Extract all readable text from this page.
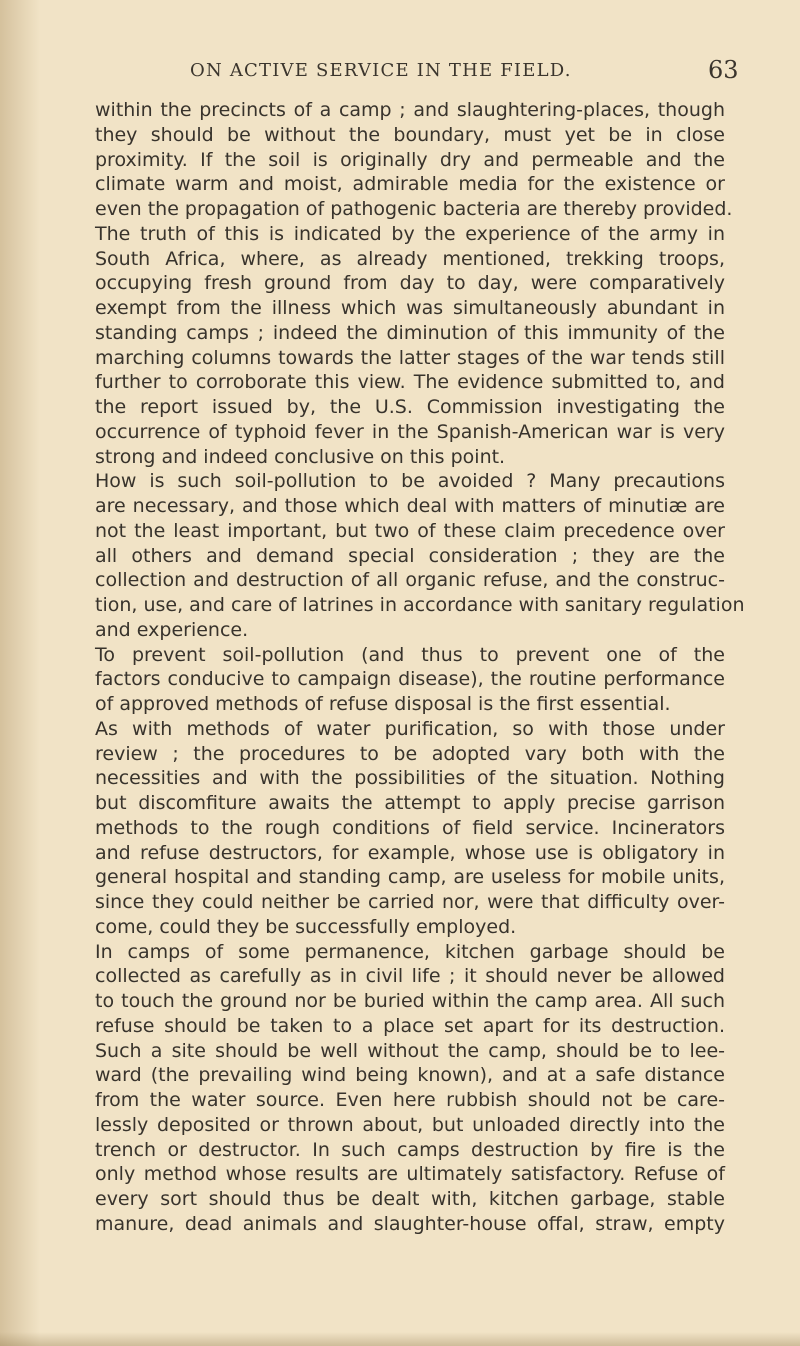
ON ACTIVE SERVICE IN THE FIELD.	63
within the precincts of a camp ; and slaughtering-places, though
they should be without the boundary, must yet be in close
proximity. If the soil is originally dry and permeable and the
climate warm and moist, admirable media for the existence or
even the propagation of pathogenic bacteria are thereby provided.
The truth of this is indicated by the experience of the army in
South Africa, where, as already mentioned, trekking troops,
occupying fresh ground from day to day, were comparatively
exempt from the illness which was simultaneously abundant in
standing camps ; indeed the diminution of this immunity of the
marching columns towards the latter stages of the war tends still
further to corroborate this view. The evidence submitted to, and
the report issued by, the U.S. Commission investigating the
occurrence of typhoid fever in the Spanish-American war is very
strong and indeed conclusive on this point.
How is such soil-pollution to be avoided ? Many precautions
are necessary, and those which deal with matters of minutiæ are
not the least important, but two of these claim precedence over
all others and demand special consideration ; they are the
collection and destruction of all organic refuse, and the construc-
tion, use, and care of latrines in accordance with sanitary regulation
and experience.
To prevent soil-pollution (and thus to prevent one of the
factors conducive to campaign disease), the routine performance
of approved methods of refuse disposal is the first essential.
As with methods of water purification, so with those under
review ; the procedures to be adopted vary both with the
necessities and with the possibilities of the situation. Nothing
but discomfiture awaits the attempt to apply precise garrison
methods to the rough conditions of field service. Incinerators
and refuse destructors, for example, whose use is obligatory in
general hospital and standing camp, are useless for mobile units,
since they could neither be carried nor, were that difficulty over-
come, could they be successfully employed.
In camps of some permanence, kitchen garbage should be
collected as carefully as in civil life ; it should never be allowed
to touch the ground nor be buried within the camp area. All such
refuse should be taken to a place set apart for its destruction.
Such a site should be well without the camp, should be to lee-
ward (the prevailing wind being known), and at a safe distance
from the water source. Even here rubbish should not be care-
lessly deposited or thrown about, but unloaded directly into the
trench or destructor. In such camps destruction by fire is the
only method whose results are ultimately satisfactory. Refuse of
every sort should thus be dealt with, kitchen garbage, stable
manure, dead animals and slaughter-house offal, straw, empty
